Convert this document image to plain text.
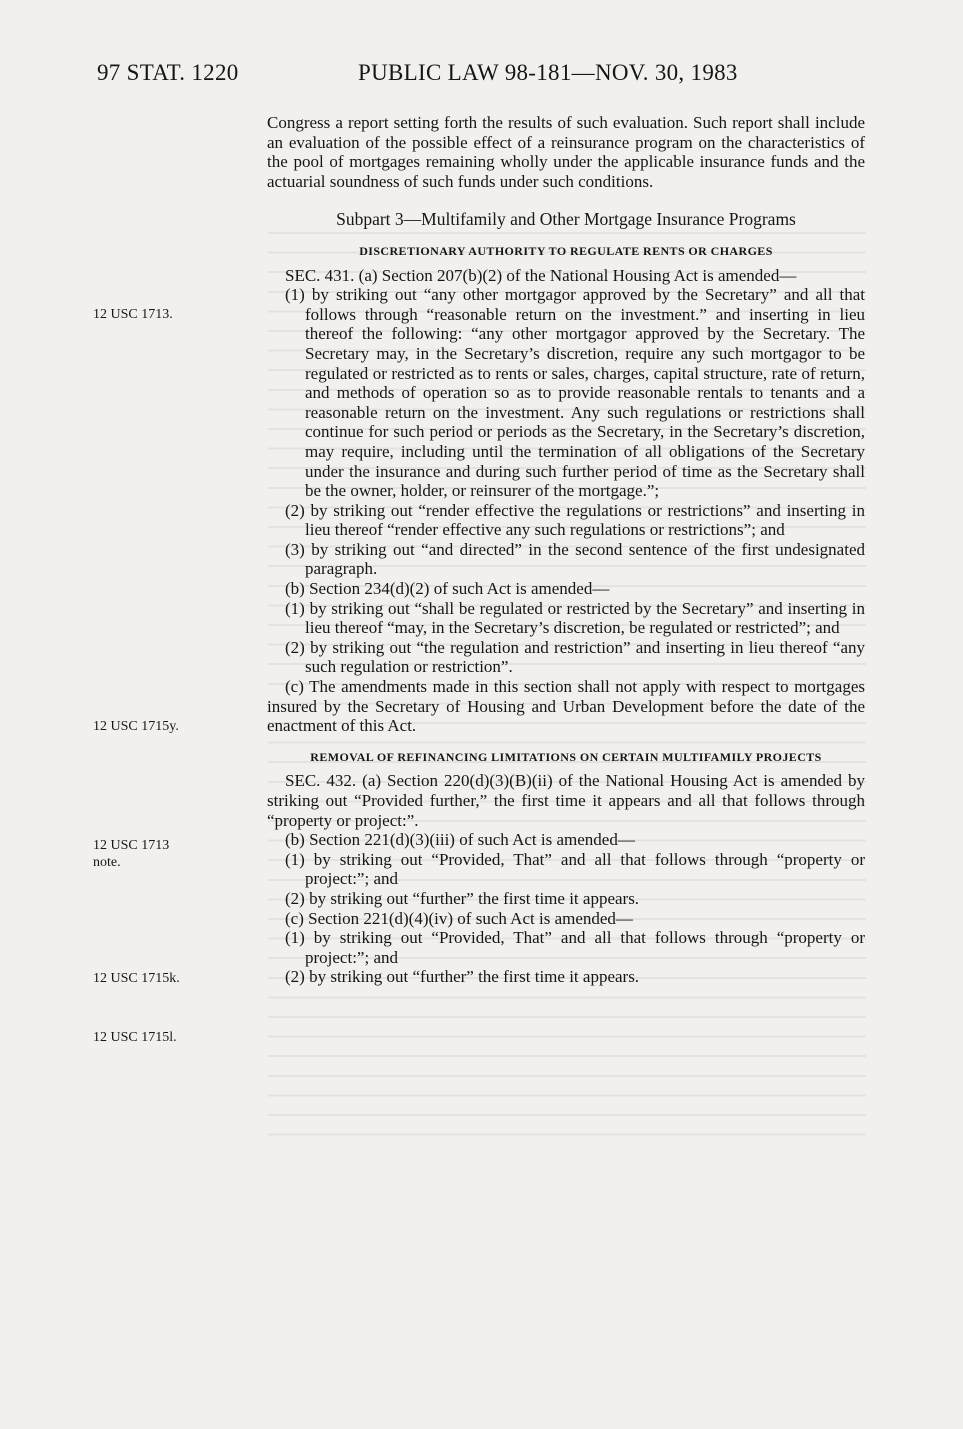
97 STAT. 1220	PUBLIC LAW 98-181—NOV. 30, 1983
12 USC 1713.
12 USC 1715y.
12 USC 1713
note.
12 USC 1715k.
12 USC 1715l.

Congress a report setting forth the results of such evaluation. Such report shall include an evaluation of the possible effect of a reinsurance program on the characteristics of the pool of mortgages remaining wholly under the applicable insurance funds and the actuarial soundness of such funds under such conditions.

Subpart 3—Multifamily and Other Mortgage Insurance Programs

DISCRETIONARY AUTHORITY TO REGULATE RENTS OR CHARGES

SEC. 431. (a) Section 207(b)(2) of the National Housing Act is amended—

(1) by striking out “any other mortgagor approved by the Secretary” and all that follows through “reasonable return on the investment.” and inserting in lieu thereof the following: “any other mortgagor approved by the Secretary. The Secretary may, in the Secretary’s discretion, require any such mortgagor to be regulated or restricted as to rents or sales, charges, capital structure, rate of return, and methods of operation so as to provide reasonable rentals to tenants and a reasonable return on the investment. Any such regulations or restrictions shall continue for such period or periods as the Secretary, in the Secretary’s discretion, may require, including until the termination of all obligations of the Secretary under the insurance and during such further period of time as the Secretary shall be the owner, holder, or reinsurer of the mortgage.”;

(2) by striking out “render effective the regulations or restrictions” and inserting in lieu thereof “render effective any such regulations or restrictions”; and

(3) by striking out “and directed” in the second sentence of the first undesignated paragraph.

(b) Section 234(d)(2) of such Act is amended—

(1) by striking out “shall be regulated or restricted by the Secretary” and inserting in lieu thereof “may, in the Secretary’s discretion, be regulated or restricted”; and

(2) by striking out “the regulation and restriction” and inserting in lieu thereof “any such regulation or restriction”.

(c) The amendments made in this section shall not apply with respect to mortgages insured by the Secretary of Housing and Urban Development before the date of the enactment of this Act.

REMOVAL OF REFINANCING LIMITATIONS ON CERTAIN MULTIFAMILY PROJECTS

SEC. 432. (a) Section 220(d)(3)(B)(ii) of the National Housing Act is amended by striking out “Provided further,” the first time it appears and all that follows through “property or project:”.

(b) Section 221(d)(3)(iii) of such Act is amended—

(1) by striking out “Provided, That” and all that follows through “property or project:”; and

(2) by striking out “further” the first time it appears.

(c) Section 221(d)(4)(iv) of such Act is amended—

(1) by striking out “Provided, That” and all that follows through “property or project:”; and

(2) by striking out “further” the first time it appears.
